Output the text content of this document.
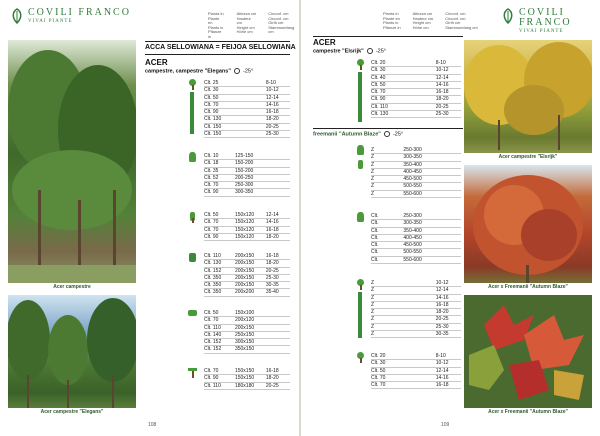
COVILI FRANCO
VIVAI PIANTE
Pianta in
Plante en
Plants in
Pflanze in
Altezza cm
Hauteur cm
Height cm
Höhe cm
Circonf. cm
Circonf. cm
Girth cm
Stammumfang cm
Acer campestre
Acer campestre "Elegans"
ACCA SELLOWIANA = FEIJOA SELLOWIANA
ACER
campestre, campestre "Elegans" -25°
Clt. 25	8-10
Clt. 30	10-12
Clt. 50	12-14
Clt. 70	14-16
Clt. 90	16-18
Clt. 130	18-20
Clt. 150	20-25
Clt. 150	25-30
Clt. 10	125-150
Clt. 18	150-200
Clt. 35	150-200
Clt. 52	200-250
Clt. 70	250-300
Clt. 90	300-350
Clt. 50	150x120	12-14
Clt. 70	150x120	14-16
Clt. 70	150x120	16-18
Clt. 90	150x120	18-20
Clt. 110	200x150	16-18
Clt. 130	200x150	18-20
Clt. 152	200x150	20-25
Clt. 350	200x150	25-30
Clt. 350	200x150	30-35
Clt. 350	200x200	35-40
Clt. 50	150x100
Clt. 70	200x120
Clt. 110	200x150
Clt. 140	250x150
Clt. 152	300x150
Clt. 152	350x150
Clt. 70	150x150	16-18
Clt. 90	150x150	18-20
Clt. 110	180x180	20-25
108
Pianta in
Plante en
Plants in
Pflanze in
Altezza cm
Hauteur cm
Height cm
Höhe cm
Circonf. cm
Circonf. cm
Girth cm
Stammumfang cm
COVILI FRANCO
VIVAI PIANTE
ACER
campestre "Elsrijk" -25°
Clt. 20	8-10
Clt. 30	10-12
Clt. 40	12-14
Clt. 50	14-16
Clt. 70	16-18
Clt. 90	18-20
Clt. 110	20-25
Clt. 130	25-30
freemanii "Autumn Blaze" -25°
Z	250-300
Z	300-350
Z	350-400
Z	400-450
Z	450-500
Z	500-550
Z	550-600
Clt.	250-300
Clt.	300-350
Clt.	350-400
Clt.	400-450
Clt.	450-500
Clt.	500-550
Clt.	550-600
Z	10-12
Z	12-14
Z	14-16
Z	16-18
Z	18-20
Z	20-25
Z	25-30
Z	30-35
Clt. 20	8-10
Clt. 30	10-12
Clt. 50	12-14
Clt. 70	14-16
Clt. 70	16-18
Acer campestre "Elsrijk"
Acer x Freemanii "Autumn Blaze"
Acer x Freemanii "Autumn Blaze"
109
